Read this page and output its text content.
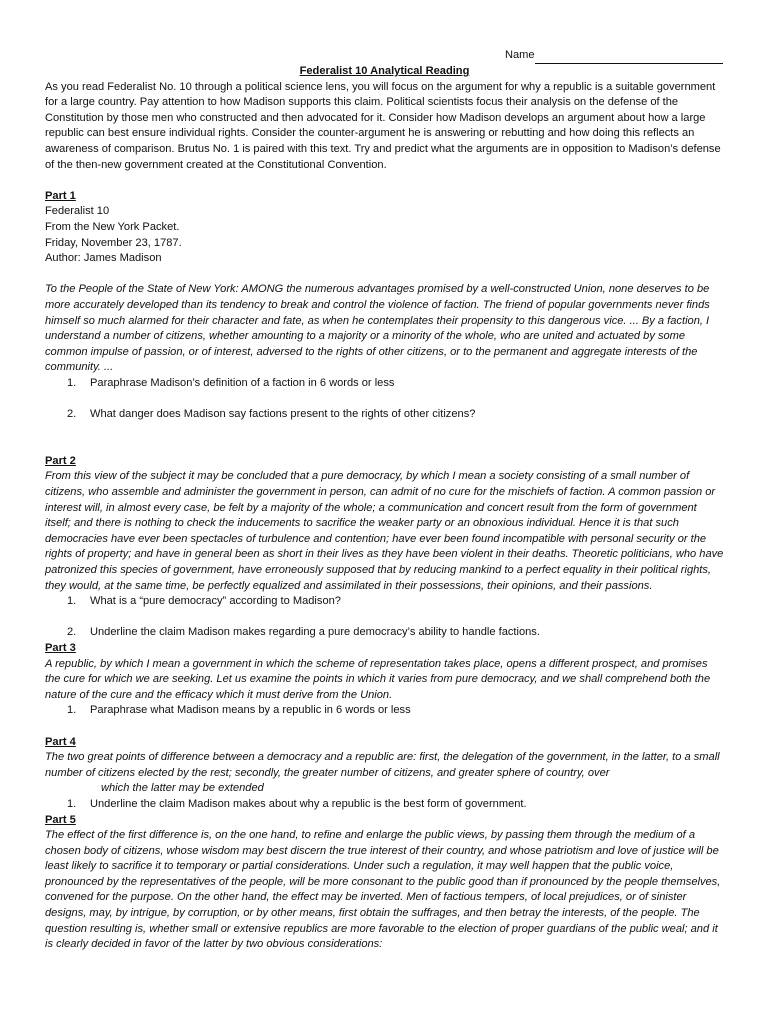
Name
Federalist 10 Analytical Reading

As you read Federalist No. 10 through a political science lens, you will focus on the argument for why a republic is a suitable government for a large country. Pay attention to how Madison supports this claim. Political scientists focus their analysis on the defense of the Constitution by those men who constructed and then advocated for it. Consider how Madison develops an argument about how a large republic can best ensure individual rights. Consider the counter-argument he is answering or rebutting and how doing this reflects an awareness of comparison. Brutus No. 1 is paired with this text. Try and predict what the arguments are in opposition to Madison’s defense of the then-new government created at the Constitutional Convention.

Part 1

Federalist 10

From the New York Packet.

Friday, November 23, 1787.

Author: James Madison

To the People of the State of New York: AMONG the numerous advantages promised by a well-constructed Union, none deserves to be more accurately developed than its tendency to break and control the violence of faction. The friend of popular governments never finds himself so much alarmed for their character and fate, as when he contemplates their propensity to this dangerous vice. ... By a faction, I understand a number of citizens, whether amounting to a majority or a minority of the whole, who are united and actuated by some common impulse of passion, or of interest, adversed to the rights of other citizens, or to the permanent and aggregate interests of the community. ...

1.	Paraphrase Madison’s definition of a faction in 6 words or less
2.	What danger does Madison say factions present to the rights of other citizens?

Part 2

From this view of the subject it may be concluded that a pure democracy, by which I mean a society consisting of a small number of citizens, who assemble and administer the government in person, can admit of no cure for the mischiefs of faction. A common passion or interest will, in almost every case, be felt by a majority of the whole; a communication and concert result from the form of government itself; and there is nothing to check the inducements to sacrifice the weaker party or an obnoxious individual. Hence it is that such democracies have ever been spectacles of turbulence and contention; have ever been found incompatible with personal security or the rights of property; and have in general been as short in their lives as they have been violent in their deaths. Theoretic politicians, who have patronized this species of government, have erroneously supposed that by reducing mankind to a perfect equality in their political rights, they would, at the same time, be perfectly equalized and assimilated in their possessions, their opinions, and their passions.

1.	What is a “pure democracy” according to Madison?
2.	Underline the claim Madison makes regarding a pure democracy’s ability to handle factions.

Part 3

A republic, by which I mean a government in which the scheme of representation takes place, opens a different prospect, and promises the cure for which we are seeking. Let us examine the points in which it varies from pure democracy, and we shall comprehend both the nature of the cure and the efficacy which it must derive from the Union.

1.	Paraphrase what Madison means by a republic in 6 words or less

Part 4

The two great points of difference between a democracy and a republic are: first, the delegation of the government, in the latter, to a small number of citizens elected by the rest; secondly, the greater number of citizens, and greater sphere of country, over

which the latter may be extended

1.	Underline the claim Madison makes about why a republic is the best form of government.

Part 5

The effect of the first difference is, on the one hand, to refine and enlarge the public views, by passing them through the medium of a chosen body of citizens, whose wisdom may best discern the true interest of their country, and whose patriotism and love of justice will be least likely to sacrifice it to temporary or partial considerations. Under such a regulation, it may well happen that the public voice, pronounced by the representatives of the people, will be more consonant to the public good than if pronounced by the people themselves, convened for the purpose. On the other hand, the effect may be inverted. Men of factious tempers, of local prejudices, or of sinister designs, may, by intrigue, by corruption, or by other means, first obtain the suffrages, and then betray the interests, of the people. The question resulting is, whether small or extensive republics are more favorable to the election of proper guardians of the public weal; and it is clearly decided in favor of the latter by two obvious considerations:
